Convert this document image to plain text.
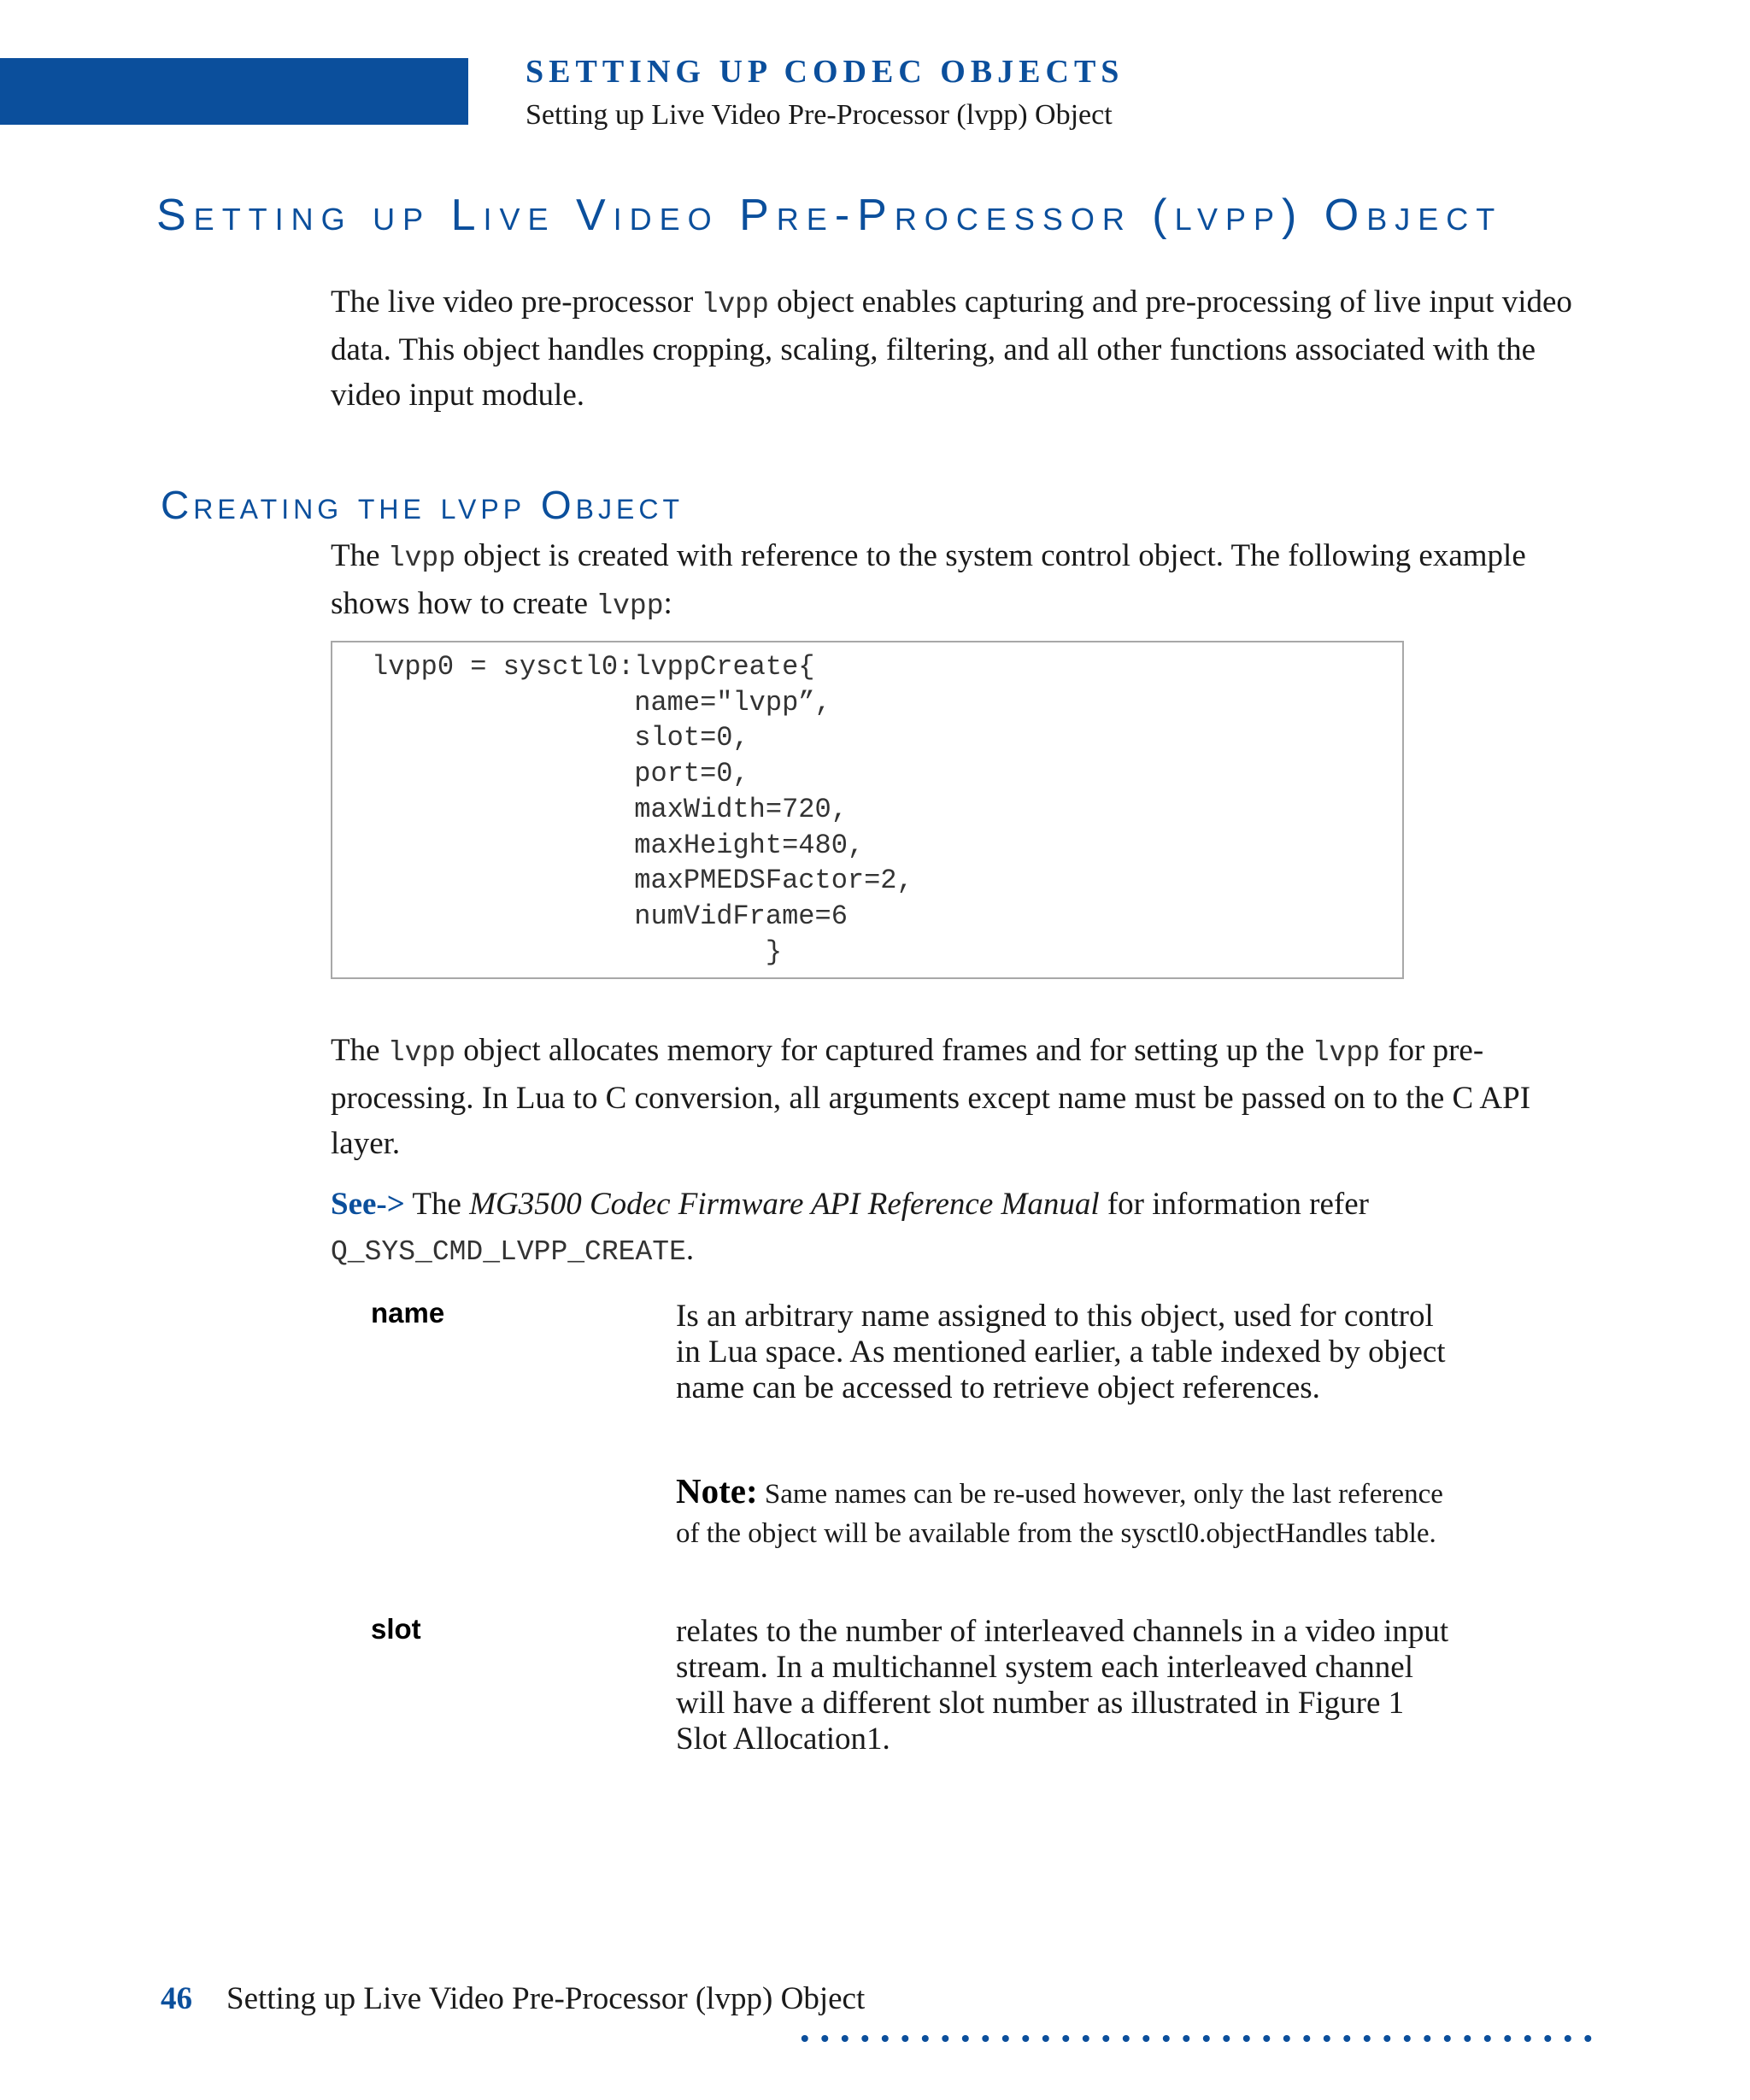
SETTING UP CODEC OBJECTS
Setting up Live Video Pre-Processor (lvpp) Object
Setting up Live Video Pre-Processor (lvpp) Object

The live video pre-processor lvpp object enables capturing and pre-processing of live input video data. This object handles cropping, scaling, filtering, and all other functions associated with the video input module.

Creating the lvpp Object

The lvpp object is created with reference to the system control object. The following example shows how to create lvpp:

lvpp0 = sysctl0:lvppCreate{
name="lvpp”,
slot=0,
port=0,
maxWidth=720,
maxHeight=480,
maxPMEDSFactor=2,
numVidFrame=6
}

The lvpp object allocates memory for captured frames and for setting up the lvpp for pre-processing. In Lua to C conversion, all arguments except name must be passed on to the C API layer.

See-> The MG3500 Codec Firmware API Reference Manual for information refer
Q_SYS_CMD_LVPP_CREATE.

name	Is an arbitrary name assigned to this object, used for control in Lua space. As mentioned earlier, a table indexed by object name can be accessed to retrieve object references.
Note: Same names can be re-used however, only the last reference of the object will be available from the sysctl0.objectHandles table.
slot	relates to the number of interleaved channels in a video input stream. In a multichannel system each interleaved channel will have a different slot number as illustrated in Figure 1 Slot Allocation1.
46 Setting up Live Video Pre-Processor (lvpp) Object
